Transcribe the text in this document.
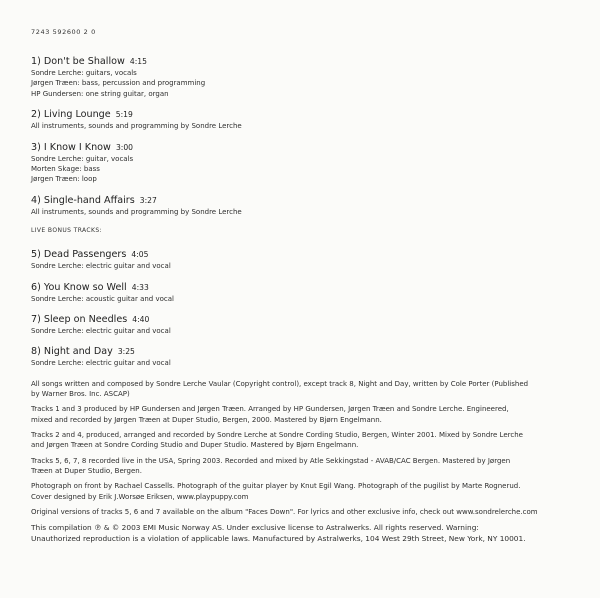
7243 592600 2 0
1) Don't be Shallow 4:15
Sondre Lerche: guitars, vocals
Jørgen Træen: bass, percussion and programming
HP Gundersen: one string guitar, organ
2) Living Lounge 5:19
All instruments, sounds and programming by Sondre Lerche
3) I Know I Know 3:00
Sondre Lerche: guitar, vocals
Morten Skage: bass
Jørgen Træen: loop
4) Single-hand Affairs 3:27
All instruments, sounds and programming by Sondre Lerche
LIVE BONUS TRACKS:
5) Dead Passengers 4:05
Sondre Lerche: electric guitar and vocal
6) You Know so Well 4:33
Sondre Lerche: acoustic guitar and vocal
7) Sleep on Needles 4:40
Sondre Lerche: electric guitar and vocal
8) Night and Day 3:25
Sondre Lerche: electric guitar and vocal
All songs written and composed by Sondre Lerche Vaular (Copyright control), except track 8, Night and Day, written by Cole Porter (Published
by Warner Bros. Inc. ASCAP)
Tracks 1 and 3 produced by HP Gundersen and Jørgen Træen. Arranged by HP Gundersen, Jørgen Træen and Sondre Lerche. Engineered,
mixed and recorded by Jørgen Træen at Duper Studio, Bergen, 2000. Mastered by Bjørn Engelmann.
Tracks 2 and 4, produced, arranged and recorded by Sondre Lerche at Sondre Cording Studio, Bergen, Winter 2001. Mixed by Sondre Lerche
and Jørgen Træen at Sondre Cording Studio and Duper Studio. Mastered by Bjørn Engelmann.
Tracks 5, 6, 7, 8 recorded live in the USA, Spring 2003. Recorded and mixed by Atle Sekkingstad - AVAB/CAC Bergen. Mastered by Jørgen
Træen at Duper Studio, Bergen.
Photograph on front by Rachael Cassells. Photograph of the guitar player by Knut Egil Wang. Photograph of the pugilist by Marte Rognerud.
Cover designed by Erik J.Worsøe Eriksen, www.playpuppy.com
Original versions of tracks 5, 6 and 7 available on the album "Faces Down". For lyrics and other exclusive info, check out www.sondrelerche.com
This compilation ℗ & © 2003 EMI Music Norway AS. Under exclusive license to Astralwerks. All rights reserved. Warning:
Unauthorized reproduction is a violation of applicable laws. Manufactured by Astralwerks, 104 West 29th Street, New York, NY 10001.
